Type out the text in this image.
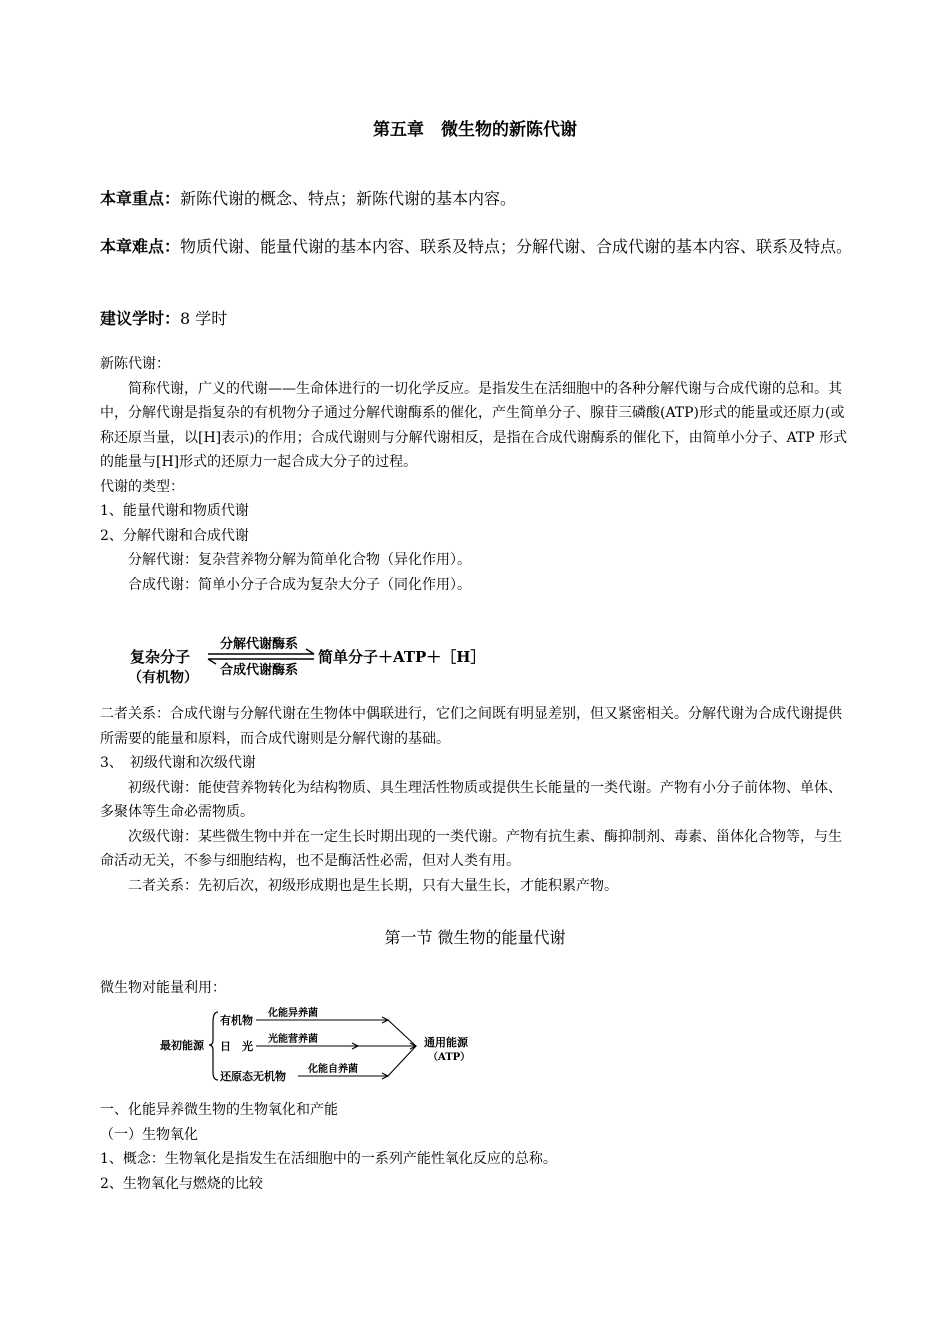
第五章　微生物的新陈代谢
本章重点：新陈代谢的概念、特点；新陈代谢的基本内容。
本章难点：物质代谢、能量代谢的基本内容、联系及特点；分解代谢、合成代谢的基本内容、联系及特点。
建议学时：8 学时

新陈代谢：

简称代谢，广义的代谢——生命体进行的一切化学反应。是指发生在活细胞中的各种分解代谢与合成代谢的总和。其中，分解代谢是指复杂的有机物分子通过分解代谢酶系的催化，产生简单分子、腺苷三磷酸(ATP)形式的能量或还原力(或称还原当量，以[H]表示)的作用；合成代谢则与分解代谢相反，是指在合成代谢酶系的催化下，由简单小分子、ATP 形式的能量与[H]形式的还原力一起合成大分子的过程。

代谢的类型：

1、能量代谢和物质代谢

2、分解代谢和合成代谢

分解代谢：复杂营养物分解为简单化合物（异化作用）。

合成代谢：简单小分子合成为复杂大分子（同化作用）。

复杂分子
（有机物）
分解代谢酶系
合成代谢酶系
简单分子＋ATP＋［H］

二者关系：合成代谢与分解代谢在生物体中偶联进行，它们之间既有明显差别，但又紧密相关。分解代谢为合成代谢提供所需要的能量和原料，而合成代谢则是分解代谢的基础。

3、　初级代谢和次级代谢

初级代谢：能使营养物转化为结构物质、具生理活性物质或提供生长能量的一类代谢。产物有小分子前体物、单体、多聚体等生命必需物质。

次级代谢：某些微生物中并在一定生长时期出现的一类代谢。产物有抗生素、酶抑制剂、毒素、甾体化合物等，与生命活动无关，不参与细胞结构，也不是酶活性必需，但对人类有用。

二者关系：先初后次，初级形成期也是生长期，只有大量生长，才能积累产物。

第一节 微生物的能量代谢
微生物对能量利用：
最初能源
有机物
化能异养菌
日　光
光能营养菌
还原态无机物
化能自养菌
通用能源
（ATP）

一、化能异养微生物的生物氧化和产能

（一）生物氧化

1、概念：生物氧化是指发生在活细胞中的一系列产能性氧化反应的总称。

2、生物氧化与燃烧的比较
